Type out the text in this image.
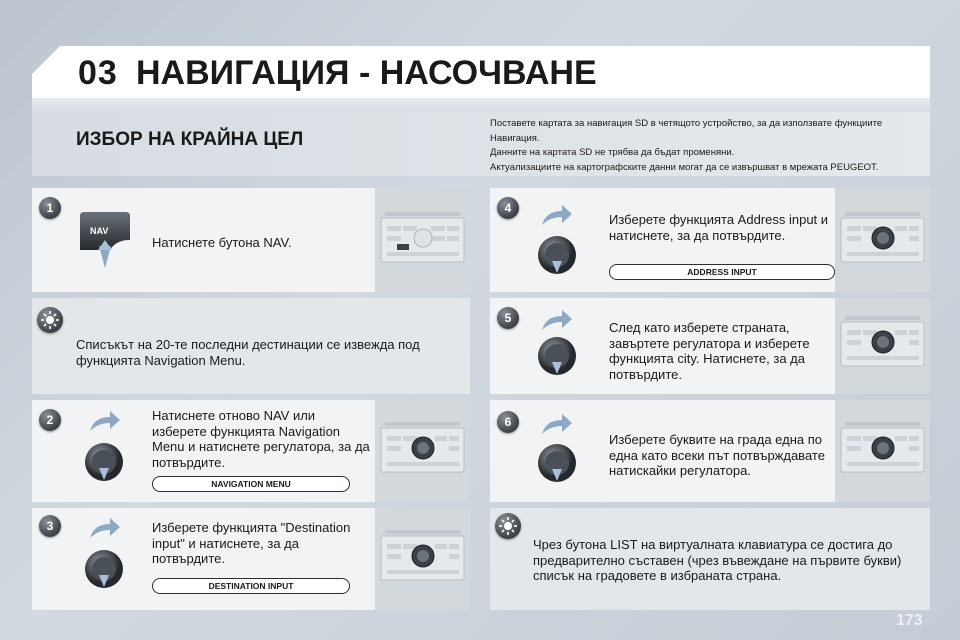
03 НАВИГАЦИЯ - НАСОЧВАНЕ
ИЗБОР НА КРАЙНА ЦЕЛ
Поставете картата за навигация SD в четящото устройство, за да използвате функциите
Навигация.
Данните на картата SD не трябва да бъдат променяни.
Актуализациите на картографските данни могат да се извършват в мрежата PEUGEOT.
1
NAV
Натиснете бутона NAV.
Списъкът на 20-те последни дестинации се извежда под функцията Navigation Menu.
2	Натиснете отново NAV или изберете функцията Navigation Menu и натиснете регулатора, за да потвърдите.
NAVIGATION MENU
3	Изберете функцията "Destination input" и натиснете, за да потвърдите.
DESTINATION INPUT
4
Изберете функцията Address input и натиснете, за да потвърдите.
ADDRESS INPUT
5
След като изберете страната, завъртете регулатора и изберете функцията city. Натиснете, за да потвърдите.
6
Изберете буквите на града една по една като всеки път потвърждавате натискайки регулатора.
Чрез бутона LIST на виртуалната клавиатура се достига до предварително съставен (чрез въвеждане на първите букви) списък на градовете в избраната страна.
173
